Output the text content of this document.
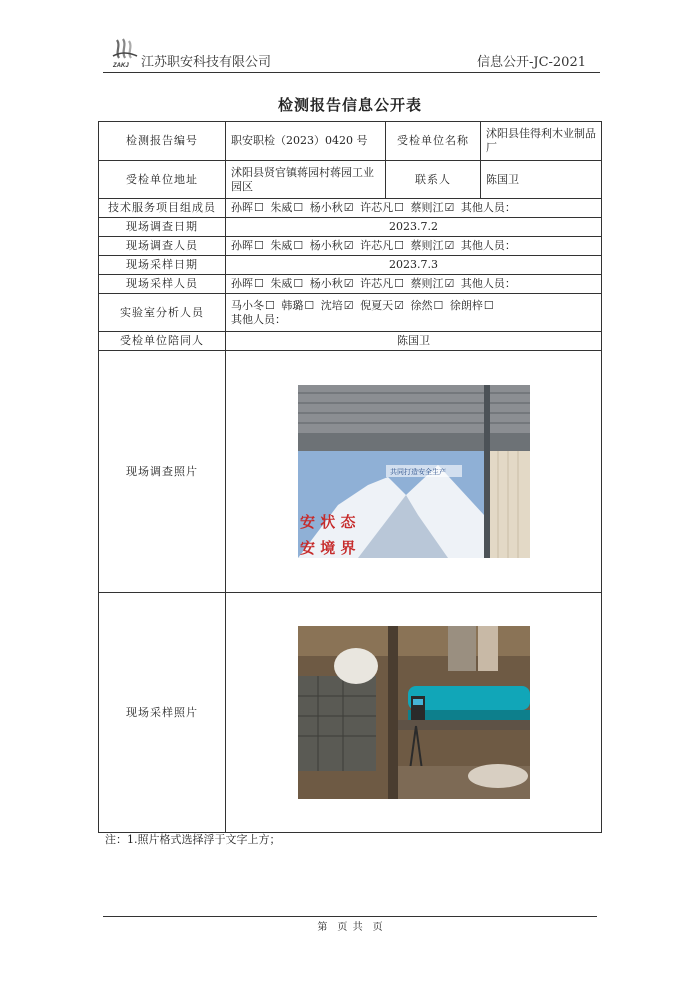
ZAKJ 江苏职安科技有限公司	信息公开-JC-2021
检测报告信息公开表
检测报告编号	职安职检（2023）0420 号	受检单位名称	沭阳县佳得利木业制品厂
受检单位地址	沭阳县贤官镇蒋园村蒋园工业园区	联系人	陈国卫
技术服务项目组成员	孙晖☐ 朱威☐ 杨小秋☑ 许芯凡☐ 蔡则江☑ 其他人员：		
现场调查日期	2023.7.2		
现场调查人员	孙晖☐ 朱威☐ 杨小秋☑ 许芯凡☐ 蔡则江☑ 其他人员：		
现场采样日期	2023.7.3		
现场采样人员	孙晖☐ 朱威☐ 杨小秋☑ 许芯凡☐ 蔡则江☑ 其他人员：		
实验室分析人员	马小冬☐ 韩璐☐ 沈培☑ 倪夏天☑ 徐然☐ 徐朗梓☐
其他人员：		

受检单位陪同人	陈国卫		
现场调查照片	共同打造安全生产
安 状 态
安 境 界		

现场采样照片	
注：1.照片格式选择浮于文字上方；
第　页 共　页
